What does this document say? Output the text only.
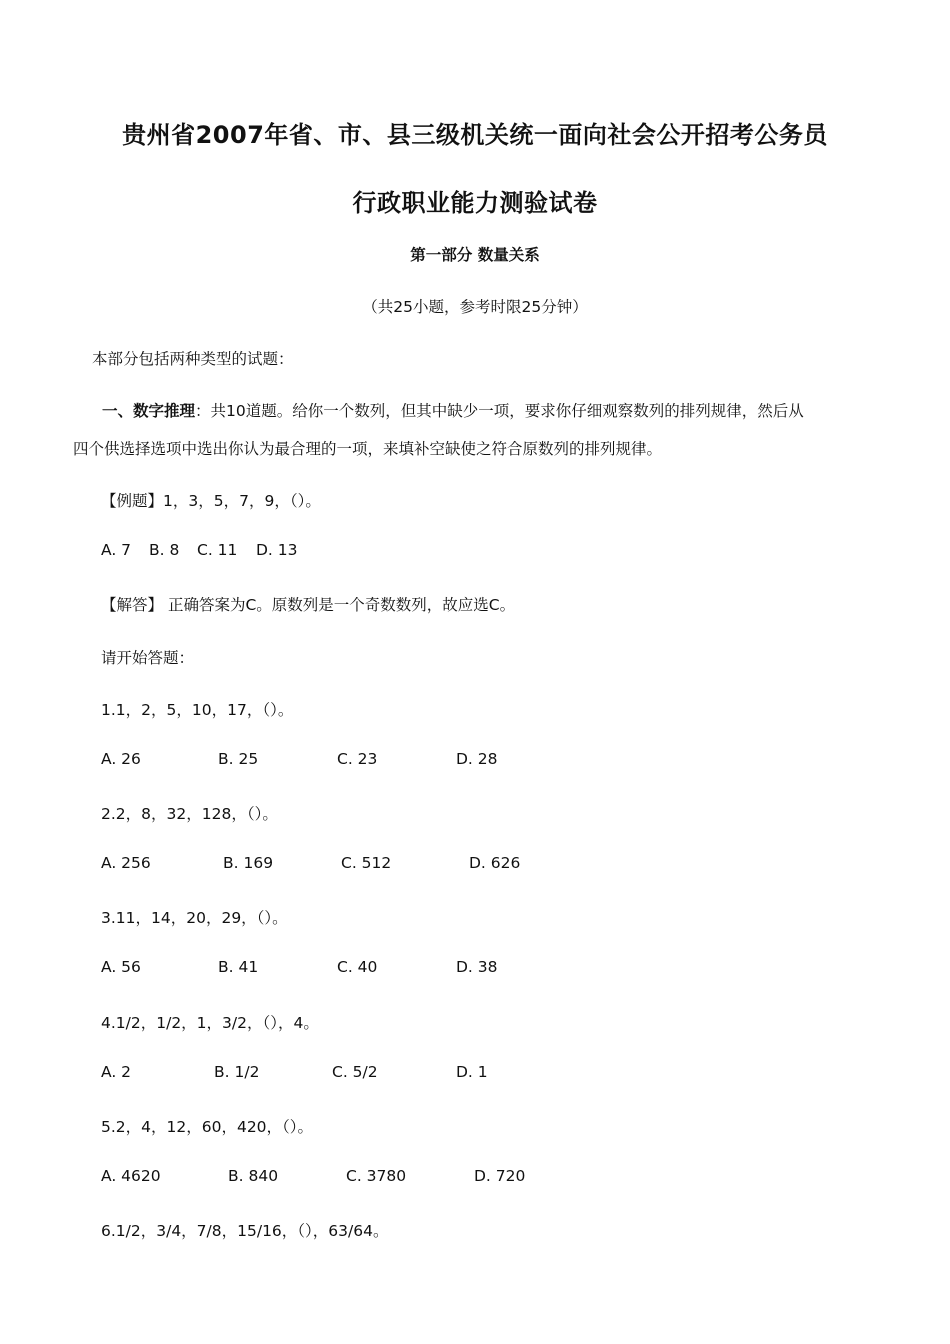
贵州省2007年省、市、县三级机关统一面向社会公开招考公务员
行政职业能力测验试卷
第一部分 数量关系
（共25小题，参考时限25分钟）
本部分包括两种类型的试题：
一、数字推理：共10道题。给你一个数列，但其中缺少一项，要求你仔细观察数列的排列规律，然后从
四个供选择选项中选出你认为最合理的一项，来填补空缺使之符合原数列的排列规律。
【例题】1，3，5，7，9，（）。
A. 7 B. 8 C. 11 D. 13
【解答】 正确答案为C。原数列是一个奇数数列，故应选C。
请开始答题：
1.1，2，5，10，17，（）。
A. 26	B. 25	C. 23	D. 28
2.2，8，32，128，（）。
A. 256	B. 169	C. 512	D. 626
3.11，14，20，29，（）。
A. 56	B. 41	C. 40	D. 38
4.1/2，1/2，1，3/2，（），4。
A. 2	B. 1/2	C. 5/2	D. 1
5.2，4，12，60，420，（）。
A. 4620	B. 840	C. 3780	D. 720
6.1/2，3/4，7/8，15/16，（），63/64。
